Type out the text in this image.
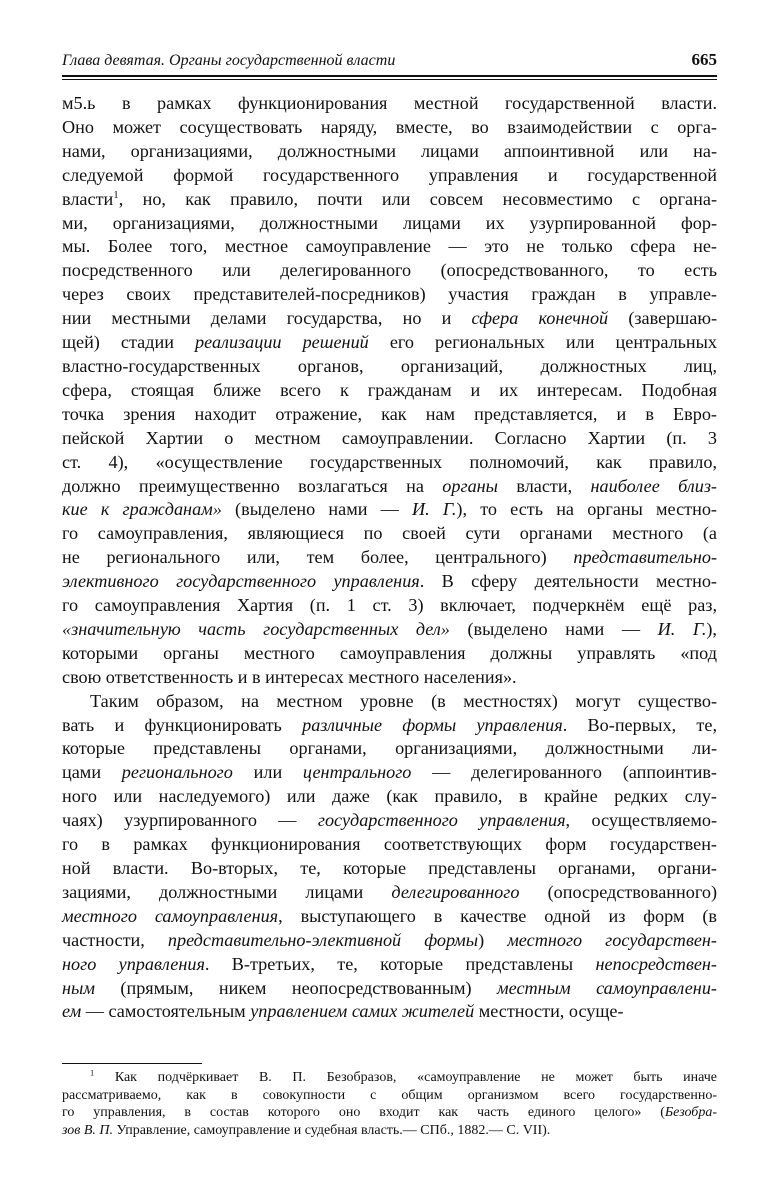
Глава девятая. Органы государственной власти	665

м5.ь в рамках функционирования местной государственной власти.
Оно может сосуществовать наряду, вместе, во взаимодействии с орга-
нами, организациями, должностными лицами аппоинтивной или на-
следуемой формой государственного управления и государственной
власти$^1$, но, как правило, почти или совсем несовместимо с органа-
ми, организациями, должностными лицами их узурпированной фор-
мы. Более того, местное самоуправление — это не только сфера не-
посредственного или делегированного (опосредствованного, то есть
через своих представителей-посредников) участия граждан в управле-
нии местными делами государства, но и сфера конечной (завершаю-
щей) стадии реализации решений его региональных или центральных
властно-государственных органов, организаций, должностных лиц,
сфера, стоящая ближе всего к гражданам и их интересам. Подобная
точка зрения находит отражение, как нам представляется, и в Евро-
пейской Хартии о местном самоуправлении. Согласно Хартии (п. 3
ст. 4), «осуществление государственных полномочий, как правило,
должно преимущественно возлагаться на органы власти, наиболее близ-
кие к гражданам» (выделено нами — И. Г.), то есть на органы местно-
го самоуправления, являющиеся по своей сути органами местного (а
не регионального или, тем более, центрального) представительно-
элективного государственного управления. В сферу деятельности местно-
го самоуправления Хартия (п. 1 ст. 3) включает, подчеркнём ещё раз,
«значительную часть государственных дел» (выделено нами — И. Г.),
которыми органы местного самоуправления должны управлять «под
свою ответственность и в интересах местного населения».

Таким образом, на местном уровне (в местностях) могут существо-
вать и функционировать различные формы управления. Во-первых, те,
которые представлены органами, организациями, должностными ли-
цами регионального или центрального — делегированного (аппоинтив-
ного или наследуемого) или даже (как правило, в крайне редких слу-
чаях) узурпированного — государственного управления, осуществляемо-
го в рамках функционирования соответствующих форм государствен-
ной власти. Во-вторых, те, которые представлены органами, органи-
зациями, должностными лицами делегированного (опосредствованного)
местного самоуправления, выступающего в качестве одной из форм (в
частности, представительно-элективной формы) местного государствен-
ного управления. В-третьих, те, которые представлены непосредствен-
ным (прямым, никем неопосредствованным) местным самоуправлени-
ем — самостоятельным управлением самих жителей местности, осуще-

$^1$ Как подчёркивает В. П. Безобразов, «самоуправление не может быть иначе
рассматриваемо, как в совокупности с общим организмом всего государственно-
го управления, в состав которого оно входит как часть единого целого» (Безобра-
зов В. П. Управление, самоуправление и судебная власть.— СПб., 1882.— С. VII).
